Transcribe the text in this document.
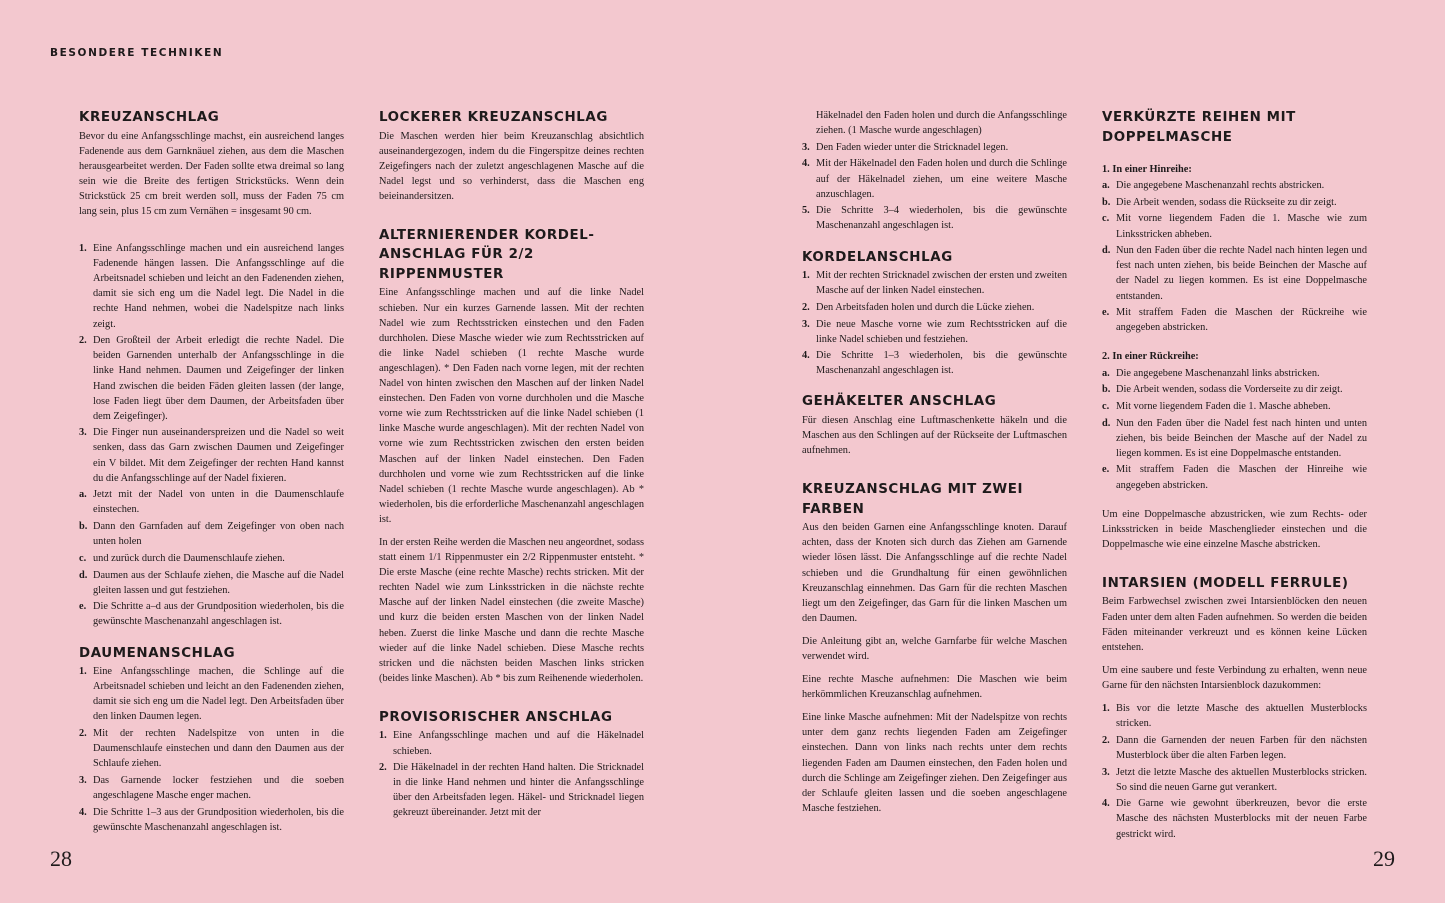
BESONDERE TECHNIKEN
KREUZANSCHLAG

Bevor du eine Anfangsschlinge machst, ein ausreichend langes Fadenende aus dem Garnknäuel ziehen, aus dem die Maschen herausgearbeitet werden. Der Faden sollte etwa dreimal so lang sein wie die Breite des fertigen Strickstücks. Wenn dein Strickstück 25 cm breit werden soll, muss der Faden 75 cm lang sein, plus 15 cm zum Vernähen = insgesamt 90 cm.

1. Eine Anfangsschlinge machen und ein ausreichend langes Fadenende hängen lassen. Die Anfangsschlinge auf die Arbeitsnadel schieben und leicht an den Fadenenden ziehen, damit sie sich eng um die Nadel legt. Die Nadel in die rechte Hand nehmen, wobei die Nadelspitze nach links zeigt.
2. Den Großteil der Arbeit erledigt die rechte Nadel. Die beiden Garnenden unterhalb der Anfangsschlinge in die linke Hand nehmen. Daumen und Zeigefinger der linken Hand zwischen die beiden Fäden gleiten lassen (der lange, lose Faden liegt über dem Daumen, der Arbeitsfaden über dem Zeigefinger).
3. Die Finger nun auseinanderspreizen und die Nadel so weit senken, dass das Garn zwischen Daumen und Zeigefinger ein V bildet. Mit dem Zeigefinger der rechten Hand kannst du die Anfangsschlinge auf der Nadel fixieren.
a. Jetzt mit der Nadel von unten in die Daumenschlaufe einstechen.
b. Dann den Garnfaden auf dem Zeigefinger von oben nach unten holen
c. und zurück durch die Daumenschlaufe ziehen.
d. Daumen aus der Schlaufe ziehen, die Masche auf die Nadel gleiten lassen und gut festziehen.
e. Die Schritte a–d aus der Grundposition wiederholen, bis die gewünschte Maschenanzahl angeschlagen ist.
DAUMENANSCHLAG
1. Eine Anfangsschlinge machen, die Schlinge auf die Arbeitsnadel schieben und leicht an den Fadenenden ziehen, damit sie sich eng um die Nadel legt. Den Arbeitsfaden über den linken Daumen legen.
2. Mit der rechten Nadelspitze von unten in die Daumenschlaufe einstechen und dann den Daumen aus der Schlaufe ziehen.
3. Das Garnende locker festziehen und die soeben angeschlagene Masche enger machen.
4. Die Schritte 1–3 aus der Grundposition wiederholen, bis die gewünschte Maschenanzahl angeschlagen ist.
LOCKERER KREUZANSCHLAG

Die Maschen werden hier beim Kreuzanschlag absichtlich auseinandergezogen, indem du die Fingerspitze deines rechten Zeigefingers nach der zuletzt angeschlagenen Masche auf die Nadel legst und so verhinderst, dass die Maschen eng beieinandersitzen.

ALTERNIERENDER KORDEL-ANSCHLAG FÜR 2/2 RIPPENMUSTER

Eine Anfangsschlinge machen und auf die linke Nadel schieben. Nur ein kurzes Garnende lassen. Mit der rechten Nadel wie zum Rechtsstricken einstechen und den Faden durchholen. Diese Masche wieder wie zum Rechtsstricken auf die linke Nadel schieben (1 rechte Masche wurde angeschlagen). * Den Faden nach vorne legen, mit der rechten Nadel von hinten zwischen den Maschen auf der linken Nadel einstechen. Den Faden von vorne durchholen und die Masche vorne wie zum Rechtsstricken auf die linke Nadel schieben (1 linke Masche wurde angeschlagen). Mit der rechten Nadel von vorne wie zum Rechtsstricken zwischen den ersten beiden Maschen auf der linken Nadel einstechen. Den Faden durchholen und vorne wie zum Rechtsstricken auf die linke Nadel schieben (1 rechte Masche wurde angeschlagen). Ab * wiederholen, bis die erforderliche Maschenanzahl angeschlagen ist.

In der ersten Reihe werden die Maschen neu angeordnet, sodass statt einem 1/1 Rippenmuster ein 2/2 Rippenmuster entsteht. * Die erste Masche (eine rechte Masche) rechts stricken. Mit der rechten Nadel wie zum Linksstricken in die nächste rechte Masche auf der linken Nadel einstechen (die zweite Masche) und kurz die beiden ersten Maschen von der linken Nadel heben. Zuerst die linke Masche und dann die rechte Masche wieder auf die linke Nadel schieben. Diese Masche rechts stricken und die nächsten beiden Maschen links stricken (beides linke Maschen). Ab * bis zum Reihenende wiederholen.

PROVISORISCHER ANSCHLAG
1. Eine Anfangsschlinge machen und auf die Häkelnadel schieben.
2. Die Häkelnadel in der rechten Hand halten. Die Stricknadel in die linke Hand nehmen und hinter die Anfangsschlinge über den Arbeitsfaden legen. Häkel- und Stricknadel liegen gekreuzt übereinander. Jetzt mit der
Häkelnadel den Faden holen und durch die Anfangsschlinge ziehen. (1 Masche wurde angeschlagen)
3. Den Faden wieder unter die Stricknadel legen.
4. Mit der Häkelnadel den Faden holen und durch die Schlinge auf der Häkelnadel ziehen, um eine weitere Masche anzuschlagen.
5. Die Schritte 3–4 wiederholen, bis die gewünschte Maschenanzahl angeschlagen ist.
KORDELANSCHLAG
1. Mit der rechten Stricknadel zwischen der ersten und zweiten Masche auf der linken Nadel einstechen.
2. Den Arbeitsfaden holen und durch die Lücke ziehen.
3. Die neue Masche vorne wie zum Rechtsstricken auf die linke Nadel schieben und festziehen.
4. Die Schritte 1–3 wiederholen, bis die gewünschte Maschenanzahl angeschlagen ist.
GEHÄKELTER ANSCHLAG

Für diesen Anschlag eine Luftmaschenkette häkeln und die Maschen aus den Schlingen auf der Rückseite der Luftmaschen aufnehmen.

KREUZANSCHLAG MIT ZWEI FARBEN

Aus den beiden Garnen eine Anfangsschlinge knoten. Darauf achten, dass der Knoten sich durch das Ziehen am Garnende wieder lösen lässt. Die Anfangsschlinge auf die rechte Nadel schieben und die Grundhaltung für einen gewöhnlichen Kreuzanschlag einnehmen. Das Garn für die rechten Maschen liegt um den Zeigefinger, das Garn für die linken Maschen um den Daumen.

Die Anleitung gibt an, welche Garnfarbe für welche Maschen verwendet wird.

Eine rechte Masche aufnehmen: Die Maschen wie beim herkömmlichen Kreuzanschlag aufnehmen.

Eine linke Masche aufnehmen: Mit der Nadelspitze von rechts unter dem ganz rechts liegenden Faden am Zeigefinger einstechen. Dann von links nach rechts unter dem rechts liegenden Faden am Daumen einstechen, den Faden holen und durch die Schlinge am Zeigefinger ziehen. Den Zeigefinger aus der Schlaufe gleiten lassen und die soeben angeschlagene Masche festziehen.

VERKÜRZTE REIHEN MIT DOPPELMASCHE

1. In einer Hinreihe:

a. Die angegebene Maschenanzahl rechts abstricken.
b. Die Arbeit wenden, sodass die Rückseite zu dir zeigt.
c. Mit vorne liegendem Faden die 1. Masche wie zum Linksstricken abheben.
d. Nun den Faden über die rechte Nadel nach hinten legen und fest nach unten ziehen, bis beide Beinchen der Masche auf der Nadel zu liegen kommen. Es ist eine Doppelmasche entstanden.
e. Mit straffem Faden die Maschen der Rückreihe wie angegeben abstricken.

2. In einer Rückreihe:

a. Die angegebene Maschenanzahl links abstricken.
b. Die Arbeit wenden, sodass die Vorderseite zu dir zeigt.
c. Mit vorne liegendem Faden die 1. Masche abheben.
d. Nun den Faden über die Nadel fest nach hinten und unten ziehen, bis beide Beinchen der Masche auf der Nadel zu liegen kommen. Es ist eine Doppelmasche entstanden.
e. Mit straffem Faden die Maschen der Hinreihe wie angegeben abstricken.

Um eine Doppelmasche abzustricken, wie zum Rechts- oder Linksstricken in beide Maschenglieder einstechen und die Doppelmasche wie eine einzelne Masche abstricken.

INTARSIEN (MODELL FERRULE)

Beim Farbwechsel zwischen zwei Intarsienblöcken den neuen Faden unter dem alten Faden aufnehmen. So werden die beiden Fäden miteinander verkreuzt und es können keine Lücken entstehen.

Um eine saubere und feste Verbindung zu erhalten, wenn neue Garne für den nächsten Intarsienblock dazukommen:

1. Bis vor die letzte Masche des aktuellen Musterblocks stricken.
2. Dann die Garnenden der neuen Farben für den nächsten Musterblock über die alten Farben legen.
3. Jetzt die letzte Masche des aktuellen Musterblocks stricken. So sind die neuen Garne gut verankert.
4. Die Garne wie gewohnt überkreuzen, bevor die erste Masche des nächsten Musterblocks mit der neuen Farbe gestrickt wird.
28	29
